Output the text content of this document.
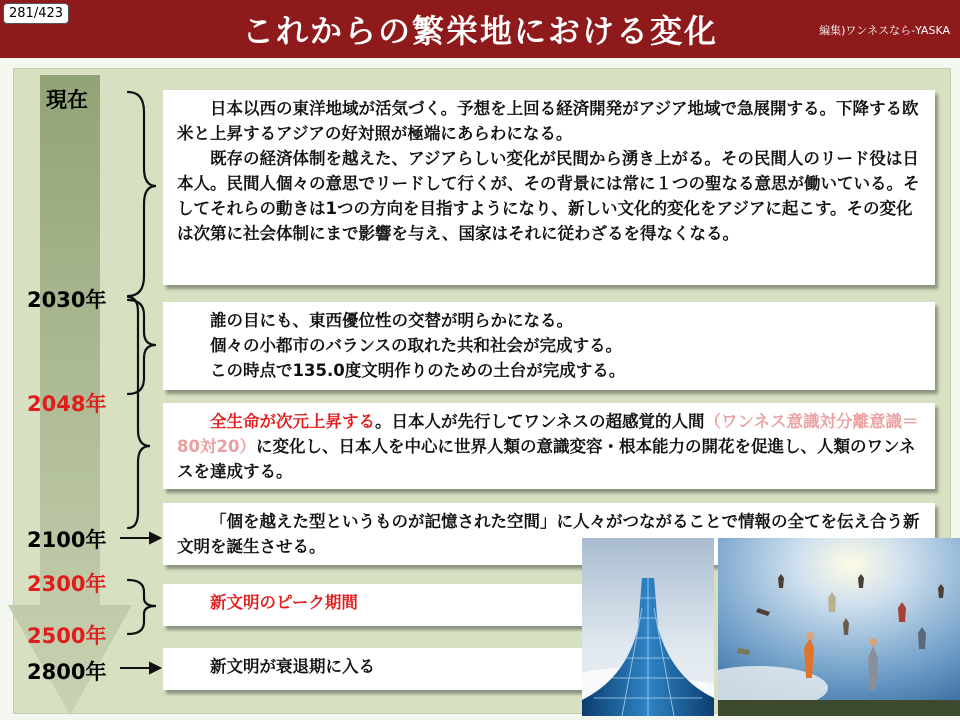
281/423	これからの繁栄地における変化	編集)ワンネスなら-YASKA
現在
2030年
2048年
2100年
2300年
2500年
2800年

日本以西の東洋地域が活気づく。予想を上回る経済開発がアジア地域で急展開する。下降する欧米と上昇するアジアの好対照が極端にあらわになる。

既存の経済体制を越えた、アジアらしい変化が民間から湧き上がる。その民間人のリード役は日本人。民間人個々の意思でリードして行くが、その背景には常に１つの聖なる意思が働いている。そしてそれらの動きは1つの方向を目指すようになり、新しい文化的変化をアジアに起こす。その変化は次第に社会体制にまで影響を与え、国家はそれに従わざるを得なくなる。

誰の目にも、東西優位性の交替が明らかになる。

個々の小都市のバランスの取れた共和社会が完成する。

この時点で135.0度文明作りのための土台が完成する。

全生命が次元上昇する。日本人が先行してワンネスの超感覚的人間（ワンネス意識対分離意識＝80対20）に変化し、日本人を中心に世界人類の意識変容・根本能力の開花を促進し、人類のワンネスを達成する。

「個を越えた型というものが記憶された空間」に人々がつながることで情報の全てを伝え合う新文明を誕生させる。

新文明のピーク期間

新文明が衰退期に入る
